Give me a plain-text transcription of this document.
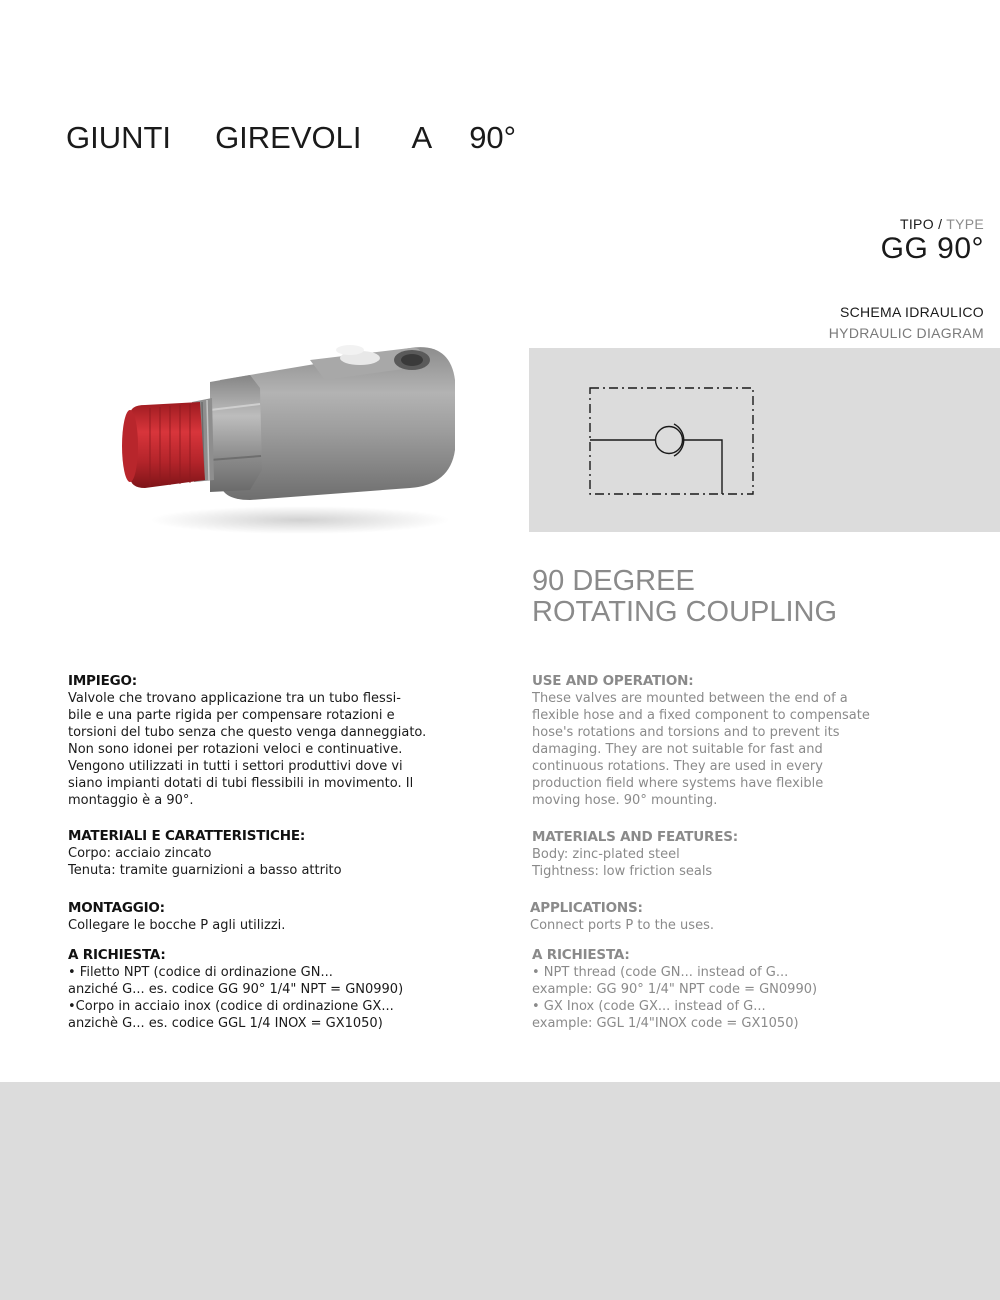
GIUNTI GIREVOLI A 90°
TIPO / TYPE
GG 90°
SCHEMA IDRAULICO
HYDRAULIC DIAGRAM
90 DEGREE
ROTATING COUPLING
IMPIEGO:

Valvole che trovano applicazione tra un tubo flessi-
bile e una parte rigida per compensare rotazioni e
torsioni del tubo senza che questo venga danneggiato.
Non sono idonei per rotazioni veloci e continuative.
Vengono utilizzati in tutti i settori produttivi dove vi
siano impianti dotati di tubi flessibili in movimento. Il
montaggio è a 90°.

MATERIALI E CARATTERISTICHE:

Corpo: acciaio zincato
Tenuta: tramite guarnizioni a basso attrito

MONTAGGIO:

Collegare le bocche P agli utilizzi.

A RICHIESTA:

• Filetto NPT (codice di ordinazione GN...
anziché G... es. codice GG 90° 1/4" NPT = GN0990)
•Corpo in acciaio inox (codice di ordinazione GX...
anzichè G... es. codice GGL 1/4 INOX = GX1050)

USE AND OPERATION:

These valves are mounted between the end of a
flexible hose and a fixed component to compensate
hose's rotations and torsions and to prevent its
damaging. They are not suitable for fast and
continuous rotations. They are used in every
production field where systems have flexible
moving hose. 90° mounting.

MATERIALS AND FEATURES:

Body: zinc-plated steel
Tightness: low friction seals

APPLICATIONS:

Connect ports P to the uses.

A RICHIESTA:

• NPT thread (code GN... instead of G...
example: GG 90° 1/4" NPT code = GN0990)
• GX Inox (code GX... instead of G...
example: GGL 1/4"INOX code = GX1050)
